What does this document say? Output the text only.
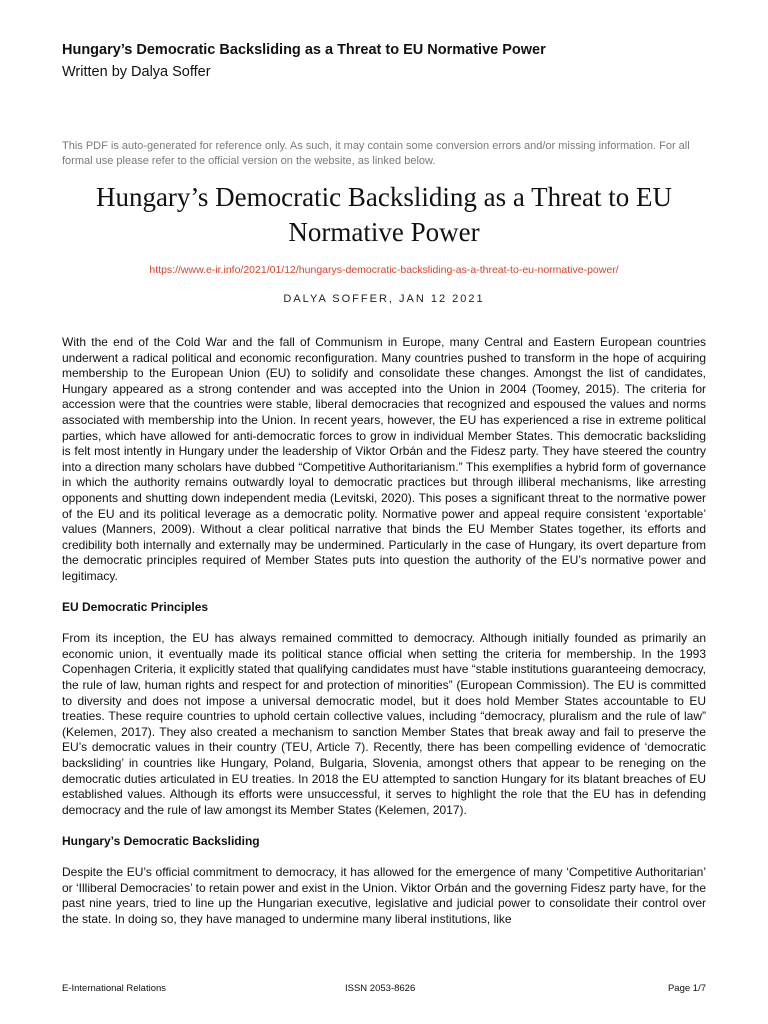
Hungary’s Democratic Backsliding as a Threat to EU Normative Power

Written by Dalya Soffer

This PDF is auto-generated for reference only. As such, it may contain some conversion errors and/or missing information. For all formal use please refer to the official version on the website, as linked below.

Hungary’s Democratic Backsliding as a Threat to EU Normative Power
https://www.e-ir.info/2021/01/12/hungarys-democratic-backsliding-as-a-threat-to-eu-normative-power/
DALYA SOFFER, JAN 12 2021

With the end of the Cold War and the fall of Communism in Europe, many Central and Eastern European countries underwent a radical political and economic reconfiguration. Many countries pushed to transform in the hope of acquiring membership to the European Union (EU) to solidify and consolidate these changes. Amongst the list of candidates, Hungary appeared as a strong contender and was accepted into the Union in 2004 (Toomey, 2015). The criteria for accession were that the countries were stable, liberal democracies that recognized and espoused the values and norms associated with membership into the Union. In recent years, however, the EU has experienced a rise in extreme political parties, which have allowed for anti-democratic forces to grow in individual Member States. This democratic backsliding is felt most intently in Hungary under the leadership of Viktor Orbán and the Fidesz party. They have steered the country into a direction many scholars have dubbed “Competitive Authoritarianism.” This exemplifies a hybrid form of governance in which the authority remains outwardly loyal to democratic practices but through illiberal mechanisms, like arresting opponents and shutting down independent media (Levitski, 2020). This poses a significant threat to the normative power of the EU and its political leverage as a democratic polity. Normative power and appeal require consistent ‘exportable’ values (Manners, 2009). Without a clear political narrative that binds the EU Member States together, its efforts and credibility both internally and externally may be undermined. Particularly in the case of Hungary, its overt departure from the democratic principles required of Member States puts into question the authority of the EU’s normative power and legitimacy.

EU Democratic Principles

From its inception, the EU has always remained committed to democracy. Although initially founded as primarily an economic union, it eventually made its political stance official when setting the criteria for membership. In the 1993 Copenhagen Criteria, it explicitly stated that qualifying candidates must have “stable institutions guaranteeing democracy, the rule of law, human rights and respect for and protection of minorities” (European Commission). The EU is committed to diversity and does not impose a universal democratic model, but it does hold Member States accountable to EU treaties. These require countries to uphold certain collective values, including “democracy, pluralism and the rule of law” (Kelemen, 2017). They also created a mechanism to sanction Member States that break away and fail to preserve the EU’s democratic values in their country (TEU, Article 7). Recently, there has been compelling evidence of ‘democratic backsliding’ in countries like Hungary, Poland, Bulgaria, Slovenia, amongst others that appear to be reneging on the democratic duties articulated in EU treaties. In 2018 the EU attempted to sanction Hungary for its blatant breaches of EU established values. Although its efforts were unsuccessful, it serves to highlight the role that the EU has in defending democracy and the rule of law amongst its Member States (Kelemen, 2017).

Hungary’s Democratic Backsliding

Despite the EU’s official commitment to democracy, it has allowed for the emergence of many ‘Competitive Authoritarian’ or ‘Illiberal Democracies’ to retain power and exist in the Union. Viktor Orbán and the governing Fidesz party have, for the past nine years, tried to line up the Hungarian executive, legislative and judicial power to consolidate their control over the state. In doing so, they have managed to undermine many liberal institutions, like

E-International Relations	ISSN 2053-8626	Page 1/7
